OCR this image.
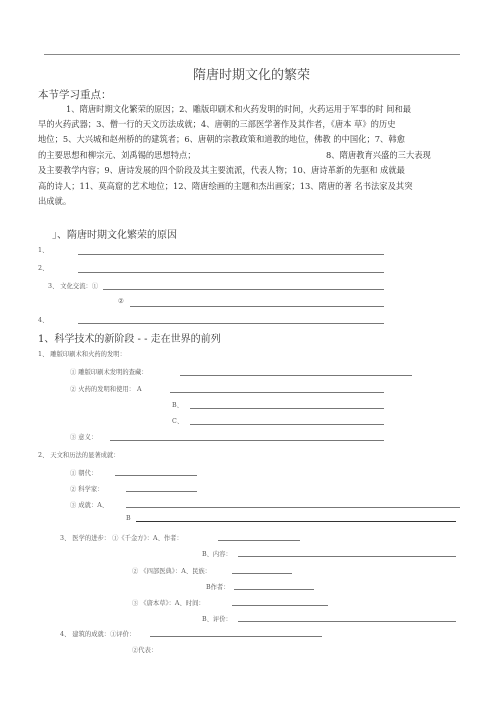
隋唐时期文化的繁荣
本节学习重点：
1、隋唐时期文化繁荣的原因；2、雕版印刷术和火药发明的时间，火药运用于军事的时 间和最
早的火药武器；3、僧一行的天文历法成就；4、唐朝的三部医学著作及其作者，《唐本 草》的历史
地位；5、大兴城和赵州桥的的建筑者；6、唐朝的宗教政策和道教的地位，佛教 的中国化；7、韩愈
的主要思想和柳宗元、刘禹锡的思想特点；	8、隋唐教育兴盛的三大表现
及主要教学内容；9、唐诗发展的四个阶段及其主要流派，代表人物；10、唐诗革新的先驱和 成就最
高的诗人；11、莫高窟的艺术地位；12、隋唐绘画的主题和杰出画家；13、隋唐的著 名书法家及其突
出成就。
」、隋唐时期文化繁荣的原因
1、
2、
3、 文化交流：①
②
4、
1、科学技术的新阶段 - - 走在世界的前列
1、 雕版印刷术和火药的发明：
① 雕版印刷术发明的查藏：
② 火药的发明和使用： A
B、
C、
③ 意义：
2、 天文和历法的显著成就：
① 朝代：
② 科学家：
③ 成就：A、
B
3、 医学的进步： ①《千金方》：A、作者：
B、内容：
② 《四部医典》：A、民族：
B作者：
③ 《唐本草》：A、时间：
B、评价：
4、 建筑的成就：①评价：
②代表：
